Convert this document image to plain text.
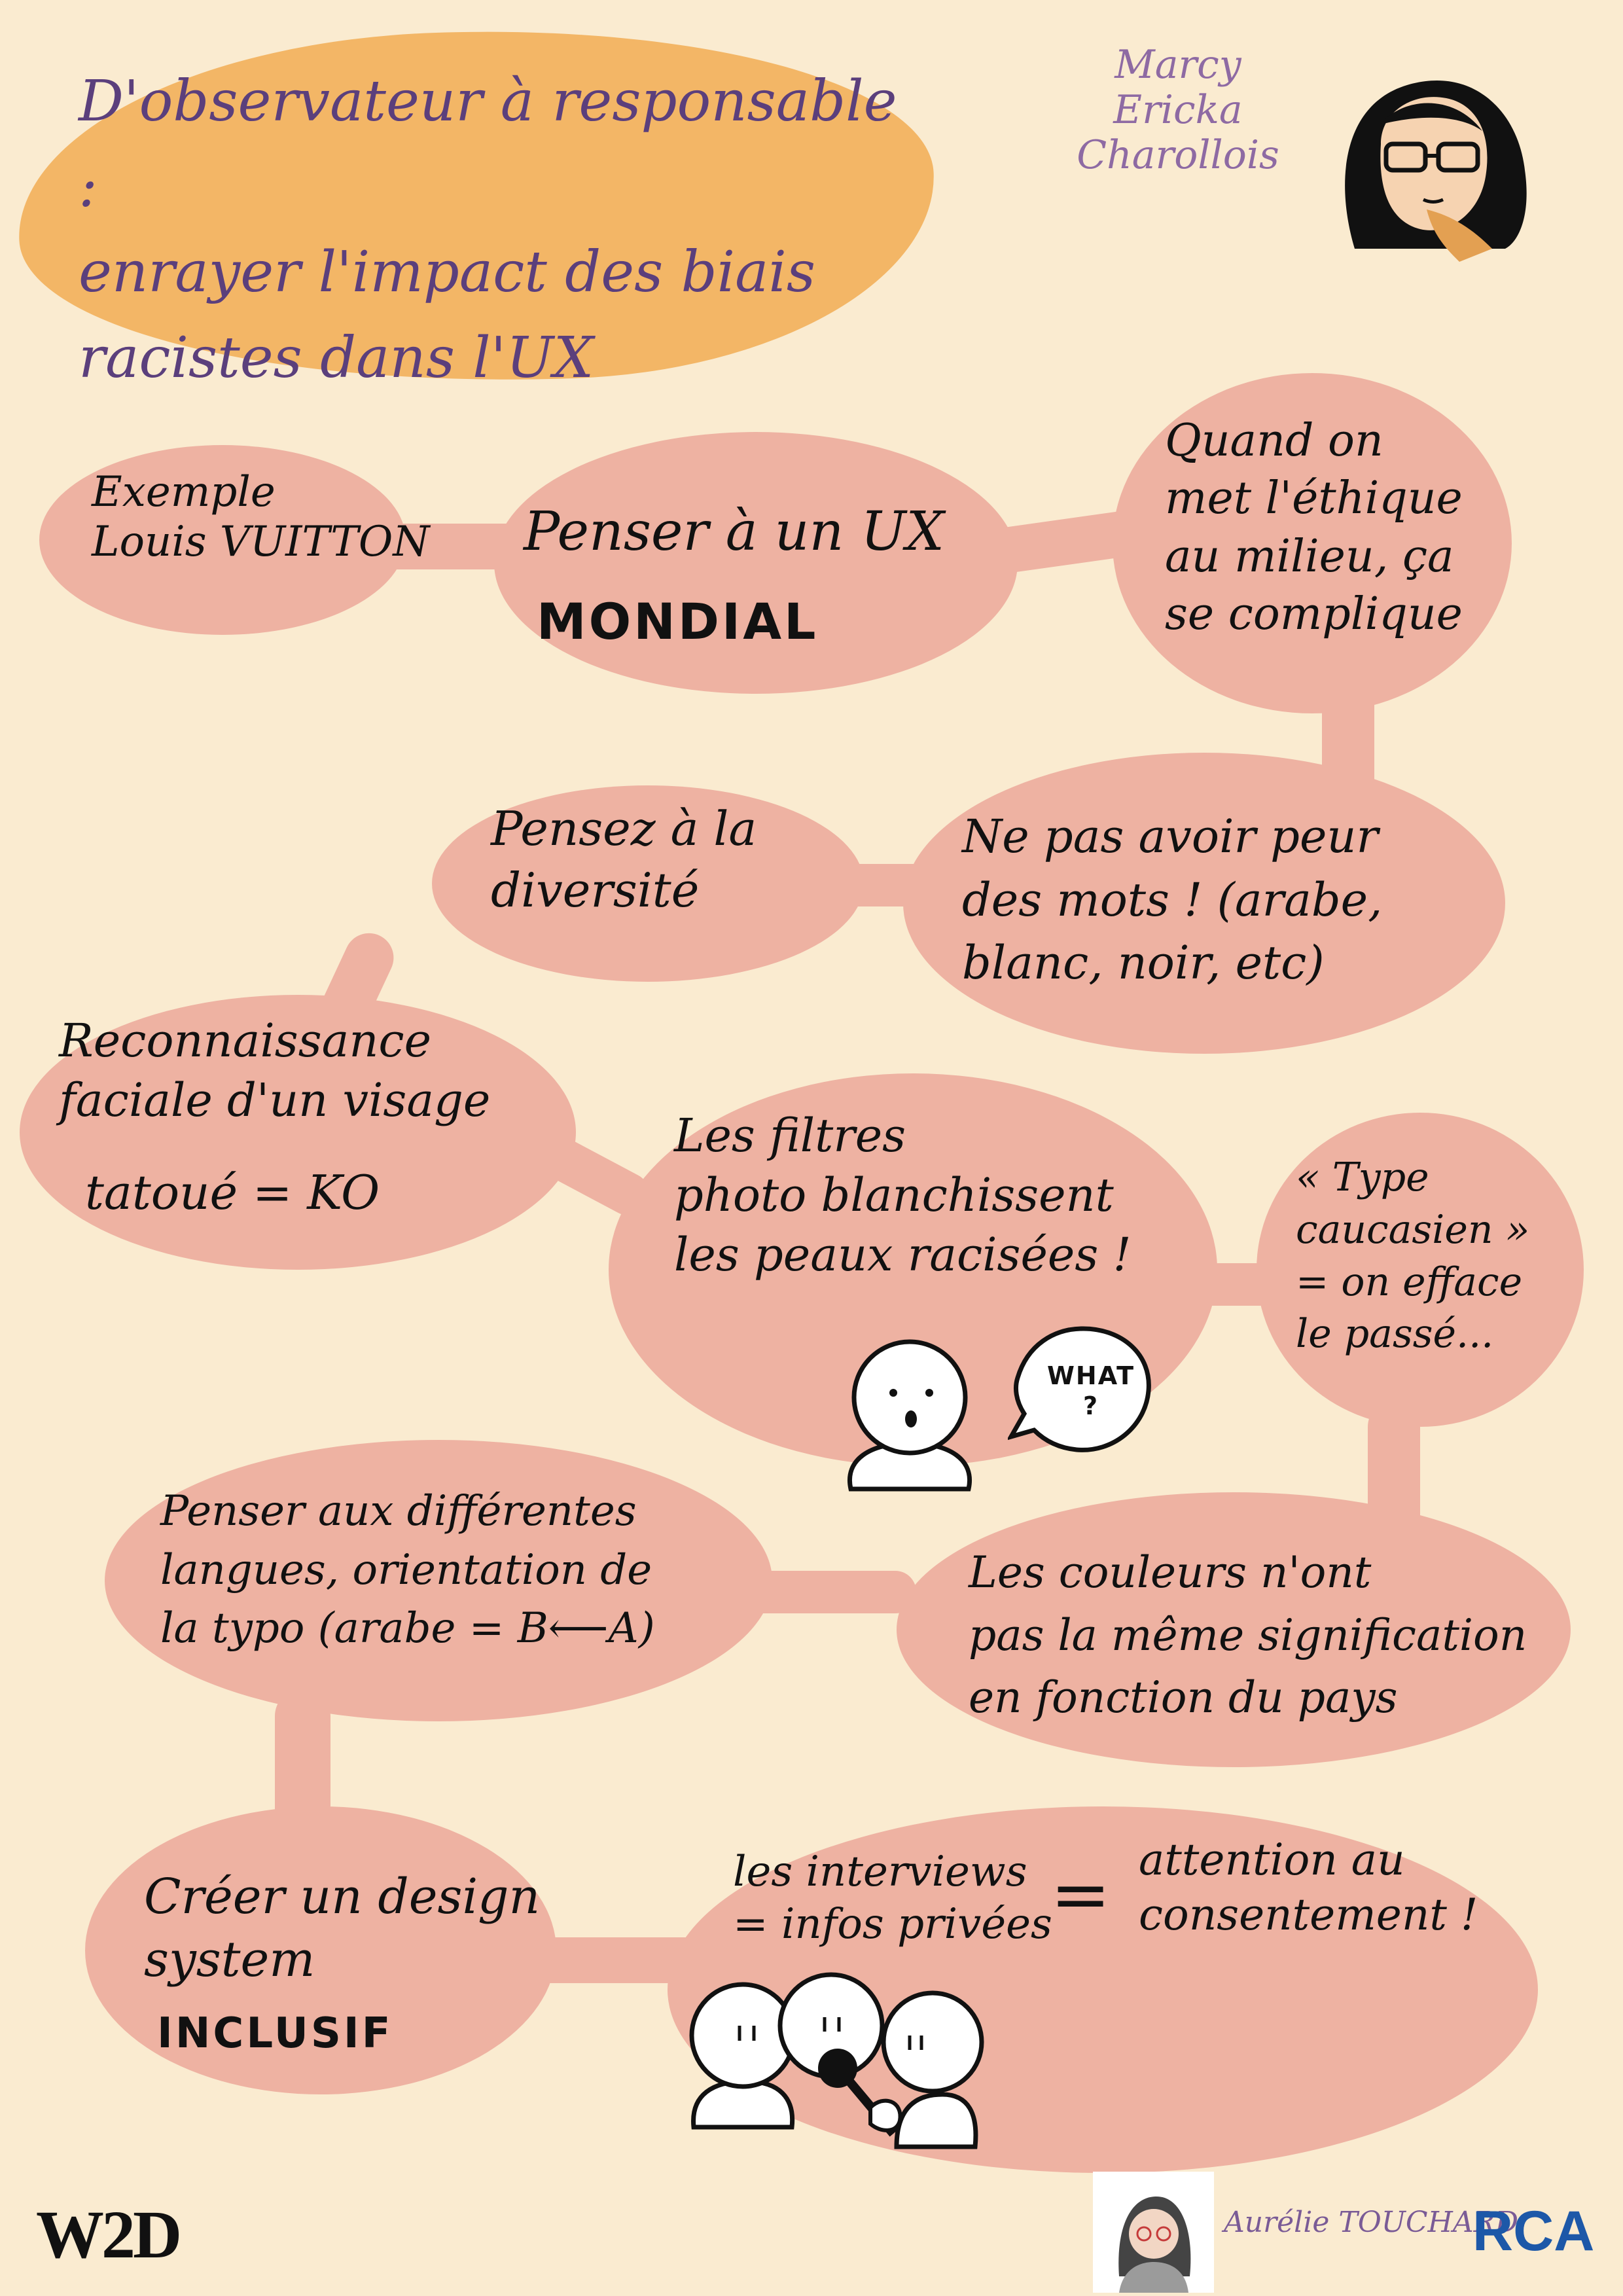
D'observateur à responsable :
enrayer l'impact des biais
racistes dans l'UX
Marcy
Ericka
Charollois
Exemple
Louis VUITTON Penser à un UX
MONDIAL
Quand on
met l'éthique
au milieu, ça
se complique
Pensez à la
diversité
Ne pas avoir peur
des mots ! (arabe,
blanc, noir, etc)
Reconnaissance
faciale d'un visage
tatoué = KO
Les filtres
photo blanchissent
les peaux racisées !
WHAT
?
« Type
caucasien »
= on efface
le passé...
Penser aux différentes
langues, orientation de
la typo (arabe = B⟵A)
Les couleurs n'ont
pas la même signification
en fonction du pays
Créer un design
system
INCLUSIF
les interviews
= infos privées
= attention au
consentement !
W2D	Aurélie TOUCHARD
RCA
